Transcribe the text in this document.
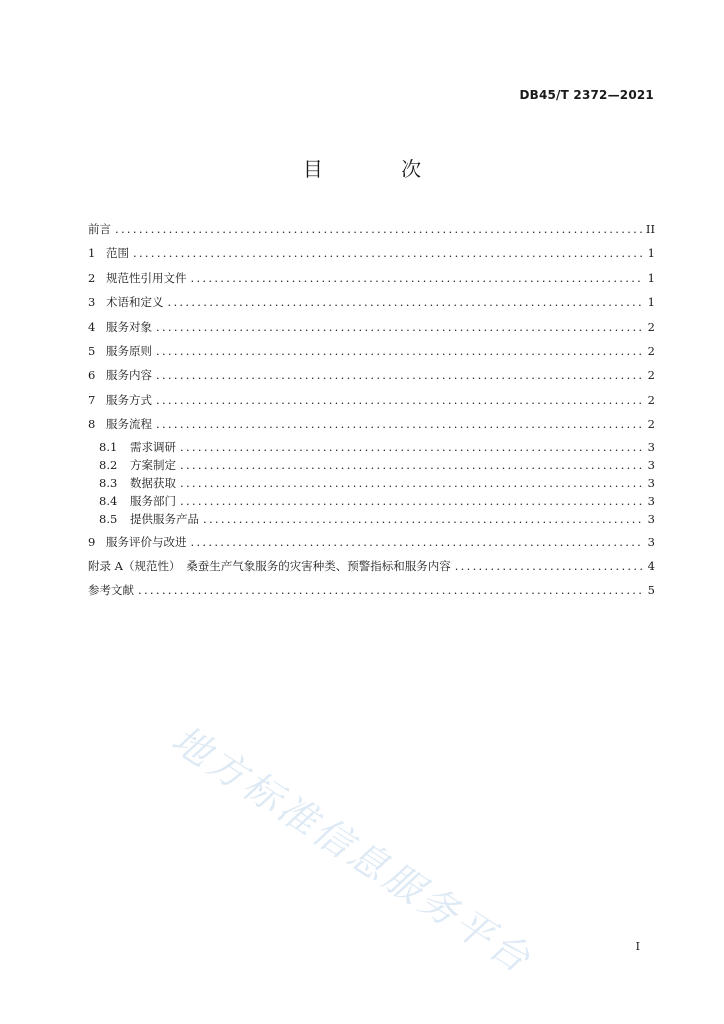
DB45/T 2372—2021
目 次
前言 .....	II
1 范围 .....	1
2 规范性引用文件 .....	1
3 术语和定义 .....	1
4 服务对象 .....	2
5 服务原则 .....	2
6 服务内容 .....	2
7 服务方式 .....	2
8 服务流程 .....	2
8.1	需求调研 .....	3
8.2	方案制定 .....	3
8.3	数据获取 .....	3
8.4	服务部门 .....	3
8.5	提供服务产品 .....	3
9 服务评价与改进 .....	3
附录 A（规范性）　桑蚕生产气象服务的灾害种类、预警指标和服务内容 .....	4
参考文献 .....	5
地方标准信息服务平台	I
